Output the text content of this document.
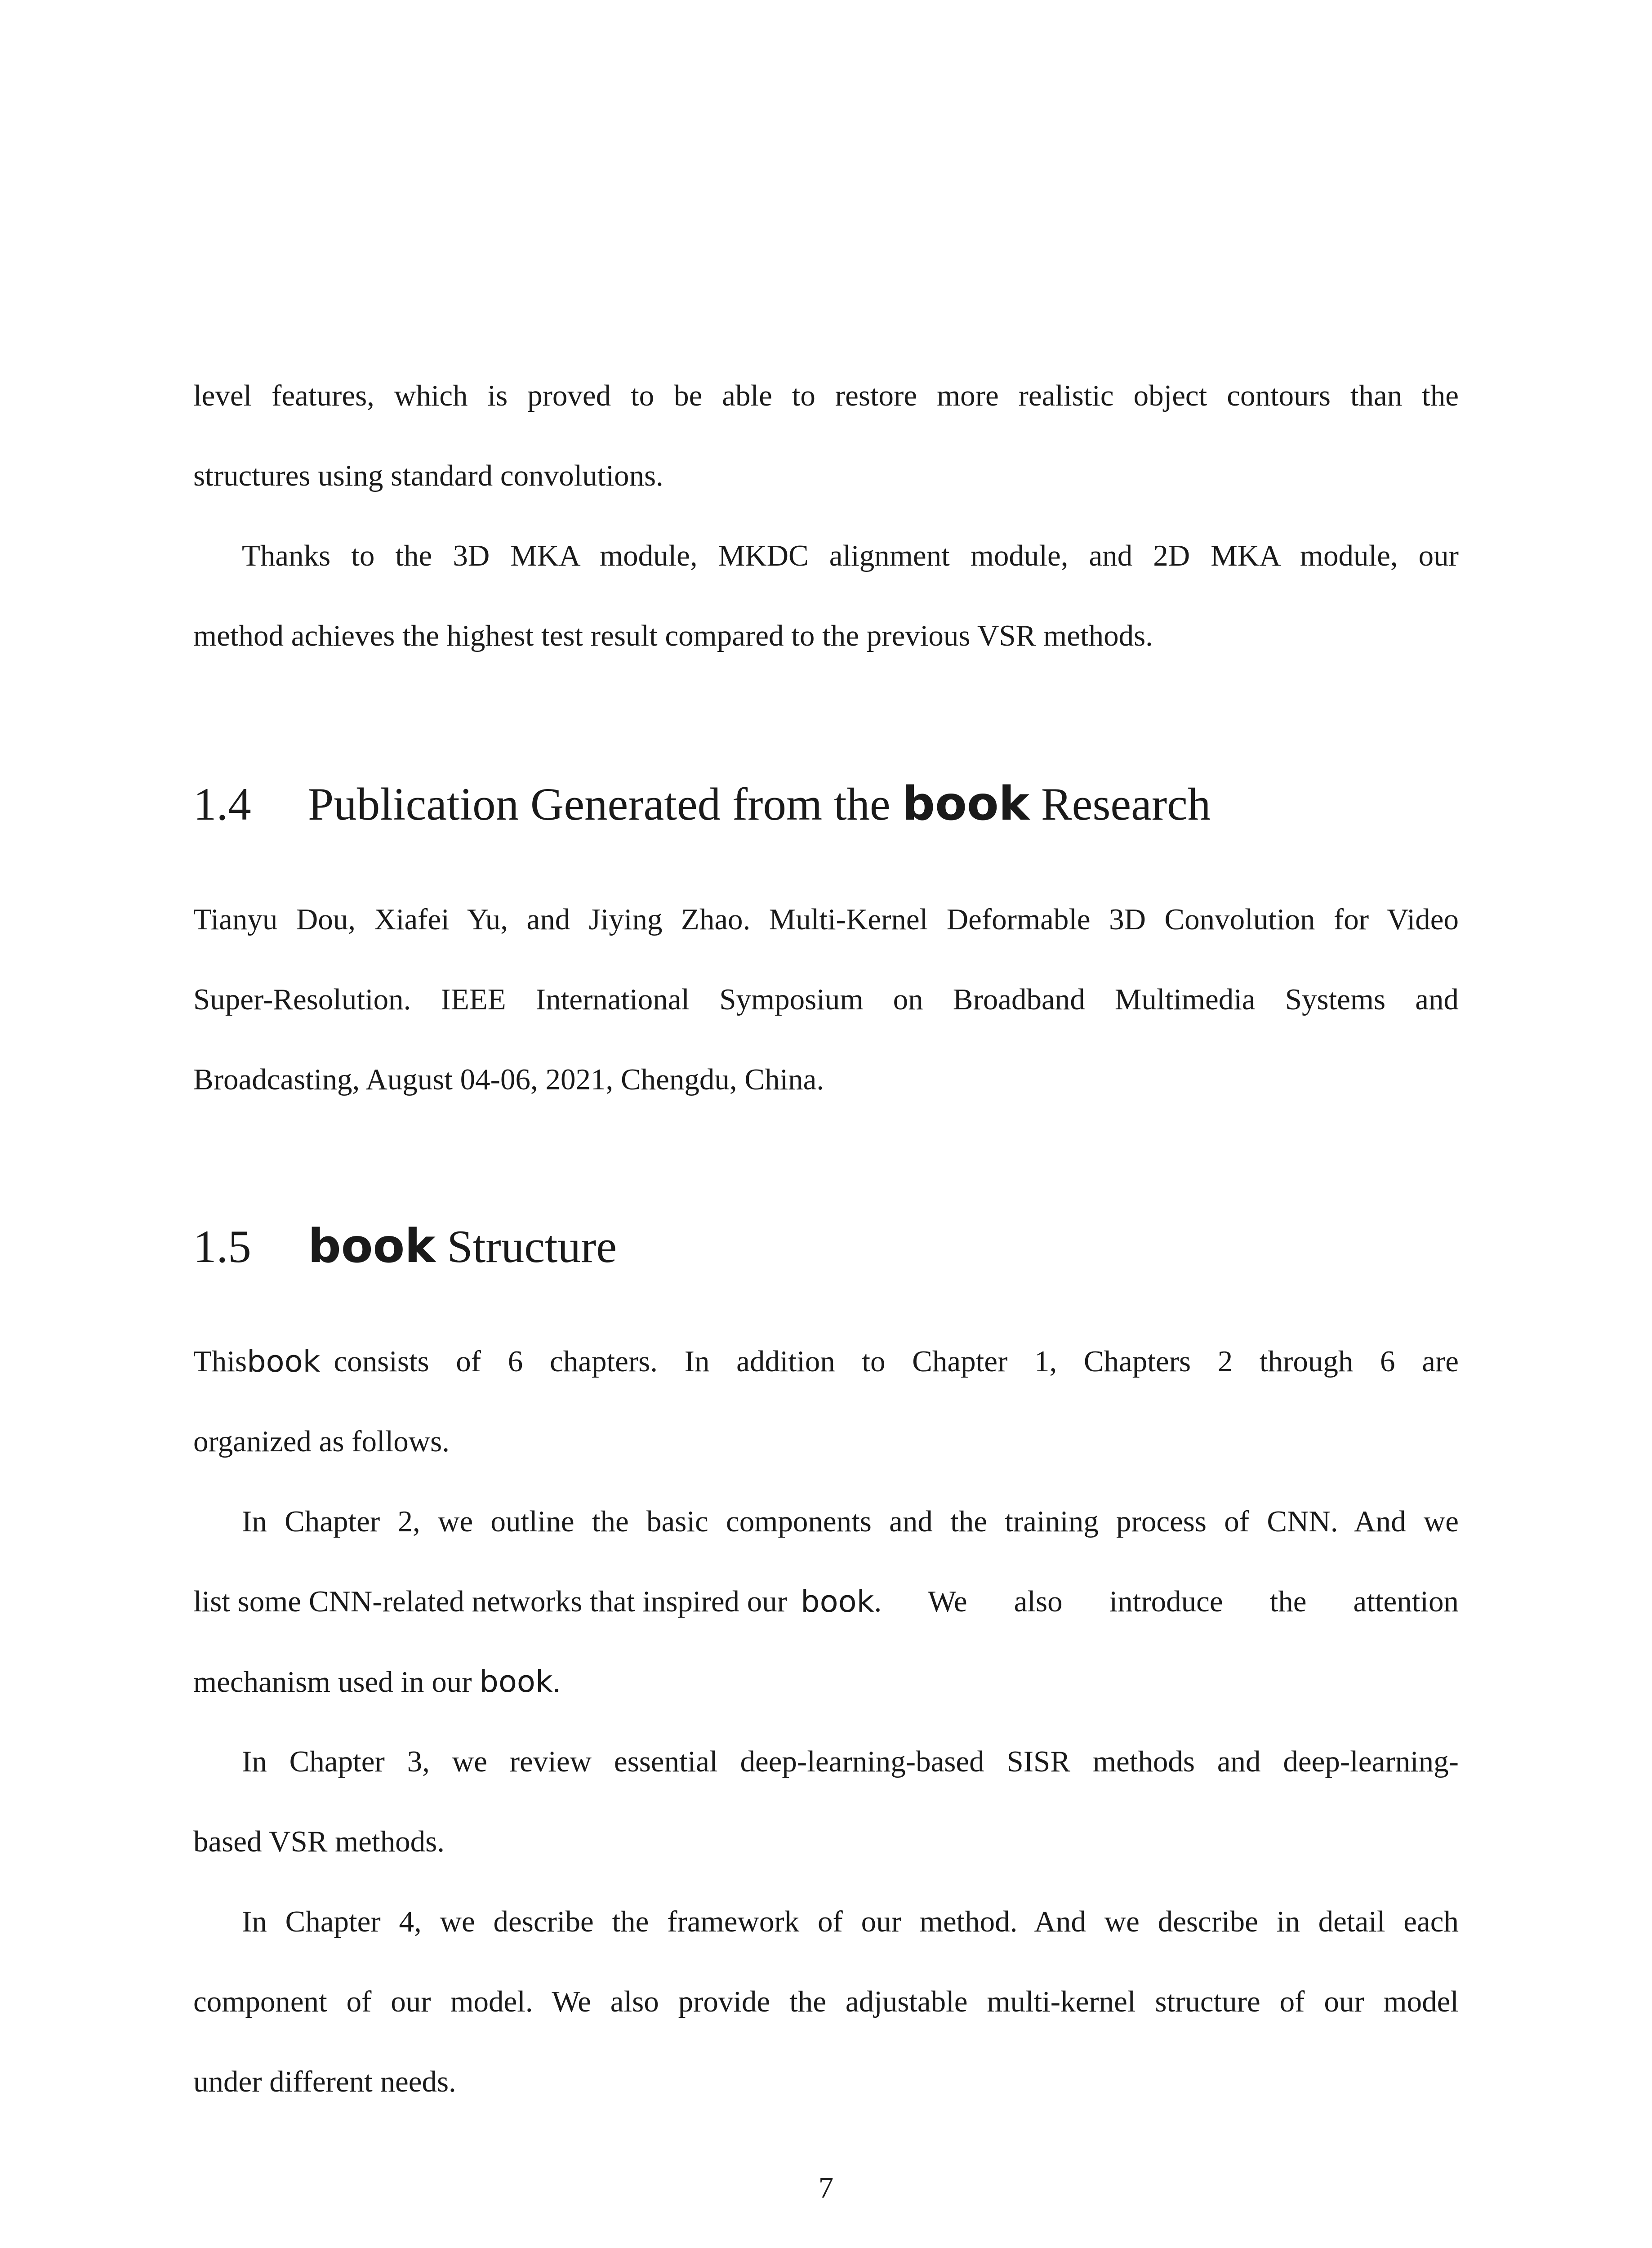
level features, which is proved to be able to restore more realistic object contours than the
structures using standard convolutions.
Thanks to the 3D MKA module, MKDC alignment module, and 2D MKA module, our
method achieves the highest test result compared to the previous VSR methods.
1.4 Publication Generated from the book Research
Tianyu Dou, Xiafei Yu, and Jiying Zhao. Multi-Kernel Deformable 3D Convolution for Video
Super-Resolution. IEEE International Symposium on Broadband Multimedia Systems and
Broadcasting, August 04-06, 2021, Chengdu, China.
1.5 book Structure
This book consists of 6 chapters. In addition to Chapter 1, Chapters 2 through 6 are
organized as follows.
In Chapter 2, we outline the basic components and the training process of CNN. And we
list some CNN-related networks that inspired our book . We also introduce the attention
mechanism used in our book.
In Chapter 3, we review essential deep-learning-based SISR methods and deep-learning-
based VSR methods.
In Chapter 4, we describe the framework of our method. And we describe in detail each
component of our model. We also provide the adjustable multi-kernel structure of our model
under different needs.
7
